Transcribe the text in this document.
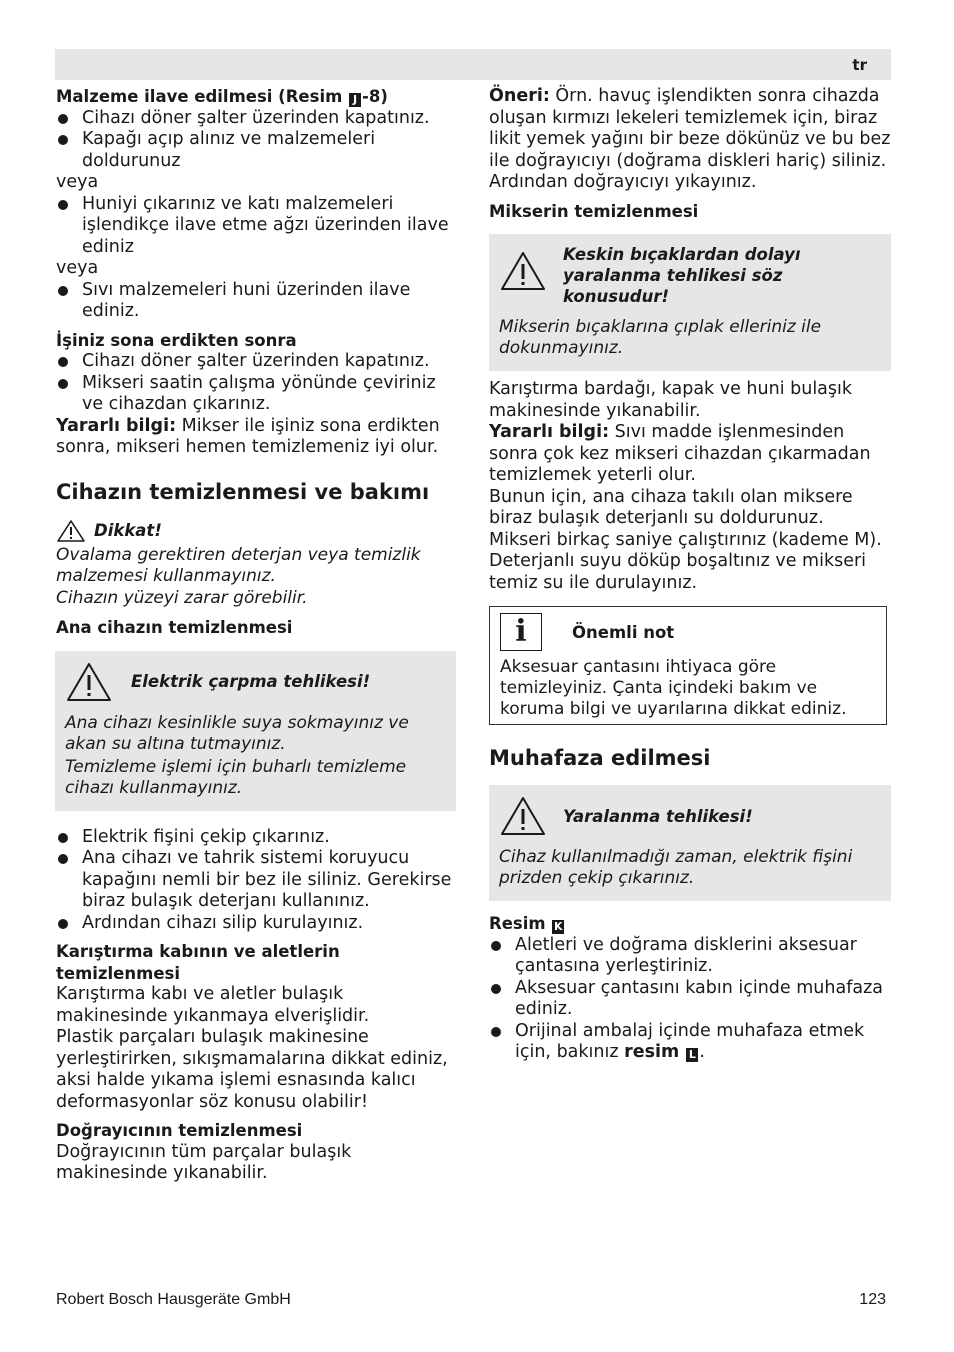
tr

Malzeme ilave edilmesi (Resim J -8)

Cihazı döner şalter üzerinden kapatınız.
Kapağı açıp alınız ve malzemeleri doldurunuz

veya

Huniyi çıkarınız ve katı malzemeleri işlendikçe ilave etme ağzı üzerinden ilave ediniz

veya

Sıvı malzemeleri huni üzerinden ilave ediniz.

İşiniz sona erdikten sonra

Cihazı döner şalter üzerinden kapatınız.
Mikseri saatin çalışma yönünde çeviriniz ve cihazdan çıkarınız.

Yararlı bilgi: Mikser ile işiniz sona erdikten sonra, mikseri hemen temizlemeniz iyi olur.

Cihazın temizlenmesi ve bakımı

Dikkat!

Ovalama gerektiren deterjan veya temizlik malzemesi kullanmayınız.

Cihazın yüzeyi zarar görebilir.

Ana cihazın temizlenmesi

Elektrik çarpma tehlikesi!

Ana cihazı kesinlikle suya sokmayınız ve akan su altına tutmayınız.

Temizleme işlemi için buharlı temizleme cihazı kullanmayınız.

Elektrik fişini çekip çıkarınız.
Ana cihazı ve tahrik sistemi koruyucu kapağını nemli bir bez ile siliniz. Gerekirse biraz bulaşık deterjanı kullanınız.
Ardından cihazı silip kurulayınız.

Karıştırma kabının ve aletlerin temizlenmesi

Karıştırma kabı ve aletler bulaşık makinesinde yıkanmaya elverişlidir.

Plastik parçaları bulaşık makinesine yerleştirirken, sıkışmamalarına dikkat ediniz, aksi halde yıkama işlemi esnasında kalıcı deformasyonlar söz konusu olabilir!

Doğrayıcının temizlenmesi

Doğrayıcının tüm parçalar bulaşık makinesinde yıkanabilir.

Öneri: Örn. havuç işlendikten sonra cihazda oluşan kırmızı lekeleri temizlemek için, biraz likit yemek yağını bir beze dökünüz ve bu bez ile doğrayıcıyı (doğrama diskleri hariç) siliniz. Ardından doğrayıcıyı yıkayınız.

Mikserin temizlenmesi

Keskin bıçaklardan dolayı yaralanma tehlikesi söz konusudur!

Mikserin bıçaklarına çıplak elleriniz ile dokunmayınız.

Karıştırma bardağı, kapak ve huni bulaşık makinesinde yıkanabilir.

Yararlı bilgi: Sıvı madde işlenmesinden sonra çok kez mikseri cihazdan çıkarmadan temizlemek yeterli olur.

Bunun için, ana cihaza takılı olan miksere biraz bulaşık deterjanlı su doldurunuz.

Mikseri birkaç saniye çalıştırınız (kademe M). Deterjanlı suyu döküp boşaltınız ve mikseri temiz su ile durulayınız.

i	Önemli not

Aksesuar çantasını ihtiyaca göre temizleyiniz. Çanta içindeki bakım ve koruma bilgi ve uyarılarına dikkat ediniz.

Muhafaza edilmesi

Yaralanma tehlikesi!

Cihaz kullanılmadığı zaman, elektrik fişini prizden çekip çıkarınız.

Resim K

Aletleri ve doğrama disklerini aksesuar çantasına yerleştiriniz.
Aksesuar çantasını kabın içinde muhafaza ediniz.
Orijinal ambalaj içinde muhafaza etmek için, bakınız resim L .
Robert Bosch Hausgeräte GmbH	123
